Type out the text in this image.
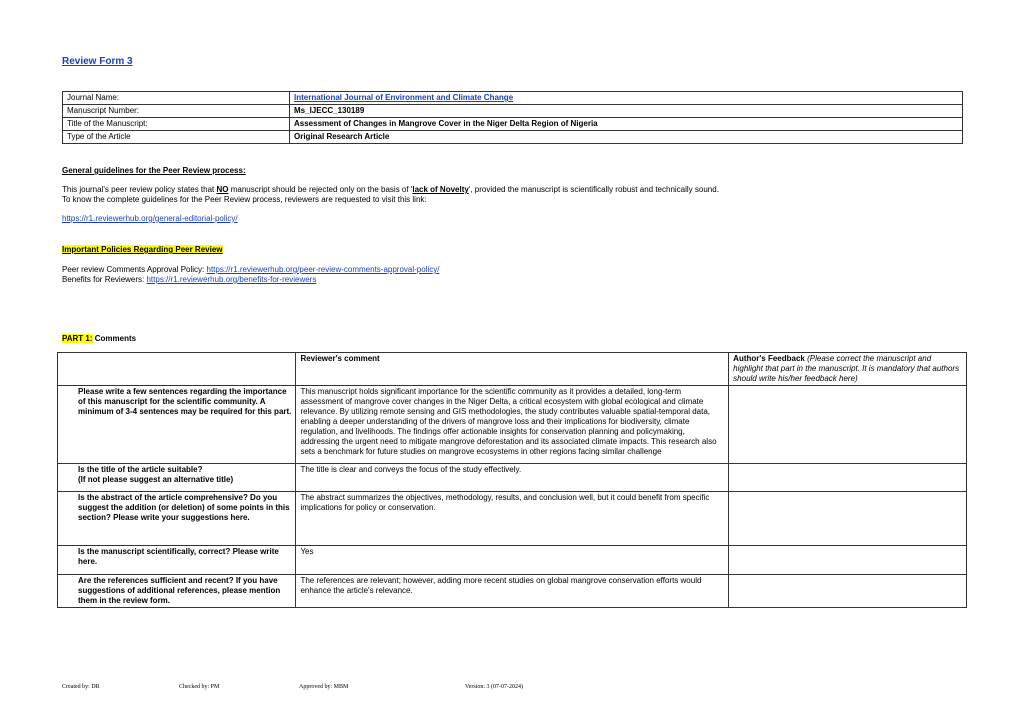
Review Form 3
Journal Name:	International Journal of Environment and Climate Change
Manuscript Number:	Ms_IJECC_130189
Title of the Manuscript:	Assessment of Changes in Mangrove Cover in the Niger Delta Region of Nigeria
Type of the Article	Original Research Article
General guidelines for the Peer Review process:
This journal's peer review policy states that NO manuscript should be rejected only on the basis of 'lack of Novelty', provided the manuscript is scientifically robust and technically sound.
To know the complete guidelines for the Peer Review process, reviewers are requested to visit this link:
https://r1.reviewerhub.org/general-editorial-policy/
Important Policies Regarding Peer Review
Peer review Comments Approval Policy: https://r1.reviewerhub.org/peer-review-comments-approval-policy/
Benefits for Reviewers: https://r1.reviewerhub.org/benefits-for-reviewers
PART 1: Comments
	Reviewer's comment	Author's Feedback (Please correct the manuscript and highlight that part in the manuscript. It is mandatory that authors should write his/her feedback here)
Please write a few sentences regarding the importance of this manuscript for the scientific community. A minimum of 3-4 sentences may be required for this part.	This manuscript holds significant importance for the scientific community as it provides a detailed, long-term assessment of mangrove cover changes in the Niger Delta, a critical ecosystem with global ecological and climate relevance. By utilizing remote sensing and GIS methodologies, the study contributes valuable spatial-temporal data, enabling a deeper understanding of the drivers of mangrove loss and their implications for biodiversity, climate regulation, and livelihoods. The findings offer actionable insights for conservation planning and policymaking, addressing the urgent need to mitigate mangrove deforestation and its associated climate impacts. This research also sets a benchmark for future studies on mangrove ecosystems in other regions facing similar challenge	
Is the title of the article suitable?
(If not please suggest an alternative title)	The title is clear and conveys the focus of the study effectively.	
Is the abstract of the article comprehensive? Do you suggest the addition (or deletion) of some points in this section? Please write your suggestions here.	The abstract summarizes the objectives, methodology, results, and conclusion well, but it could benefit from specific implications for policy or conservation.	
Is the manuscript scientifically, correct? Please write here.	Yes	
Are the references sufficient and recent? If you have suggestions of additional references, please mention them in the review form.	The references are relevant; however, adding more recent studies on global mangrove conservation efforts would enhance the article's relevance.	
Created by: DR	Checked by: PM	Approved by: MBM	Version: 3 (07-07-2024)
